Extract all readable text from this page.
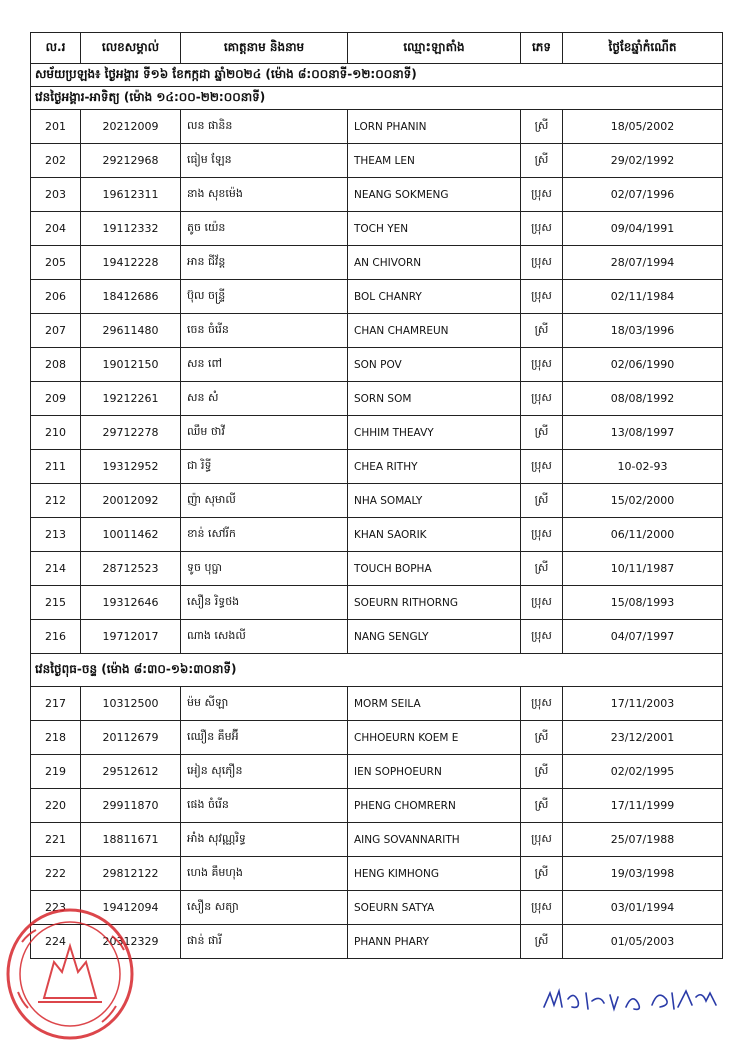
ល.រ	លេខសម្គាល់	គោត្តនាម និងនាម	ឈ្មោះឡាតាំង	ភេទ	ថ្ងៃខែឆ្នាំកំណើត
សម័យប្រឡង៖ ថ្ងៃអង្គារ ទី១៦ ខែកក្កដា ឆ្នាំ២០២៤ (ម៉ោង ៨:០០នាទី-១២:០០នាទី)					
វេនថ្ងៃអង្គារ-អាទិត្យ (ម៉ោង ១៤:០០-២២:០០នាទី)					
201	20212009	លន ផានិន	LORN PHANIN	ស្រី	18/05/2002
202	29212968	ធៀម ឡែន	THEAM LEN	ស្រី	29/02/1992
203	19612311	នាង សុខម៉េង	NEANG SOKMENG	ប្រុស	02/07/1996
204	19112332	តូច យ៉េន	TOCH YEN	ប្រុស	09/04/1991
205	19412228	អាន ជីវ័ន្ត	AN CHIVORN	ប្រុស	28/07/1994
206	18412686	ប៊ុល ចន្ទ្រី	BOL CHANRY	ប្រុស	02/11/1984
207	29611480	ចេន ចំរើន	CHAN CHAMREUN	ស្រី	18/03/1996
208	19012150	សន ពៅ	SON POV	ប្រុស	02/06/1990
209	19212261	សន សំ	SORN SOM	ប្រុស	08/08/1992
210	29712278	ឈឹម ថាវី	CHHIM THEAVY	ស្រី	13/08/1997
211	19312952	ជា រិទ្ធី	CHEA RITHY	ប្រុស	10-02-93
212	20012092	ញ៉ា សុមាលី	NHA SOMALY	ស្រី	15/02/2000
213	10011462	ខាន់ សៅរីក	KHAN SAORIK	ប្រុស	06/11/2000
214	28712523	ទូច បុប្ផា	TOUCH BOPHA	ស្រី	10/11/1987
215	19312646	សឿន រិទ្ធថង	SOEURN RITHORNG	ប្រុស	15/08/1993
216	19712017	ណាង សេងលី	NANG SENGLY	ប្រុស	04/07/1997
វេនថ្ងៃពុធ-ចន្ទ (ម៉ោង ៨:៣០-១៦:៣០នាទី)					
217	10312500	ម៉ម សីឡា	MORM SEILA	ប្រុស	17/11/2003
218	20112679	ឈឿន គឹមអ៊ី	CHHOEURN KOEM E	ស្រី	23/12/2001
219	29512612	អៀន សុភឿន	IEN SOPHOEURN	ស្រី	02/02/1995
220	29911870	ផេង ចំរើន	PHENG CHOMRERN	ស្រី	17/11/1999
221	18811671	អាំង សុវណ្ណរិទ្ធ	AING SOVANNARITH	ប្រុស	25/07/1988
222	29812122	ហេង គឹមហុង	HENG KIMHONG	ស្រី	19/03/1998
223	19412094	សឿន សត្យា	SOEURN SATYA	ប្រុស	03/01/1994
224	20312329	ផាន់ ផារី	PHANN PHARY	ស្រី	01/05/2003
